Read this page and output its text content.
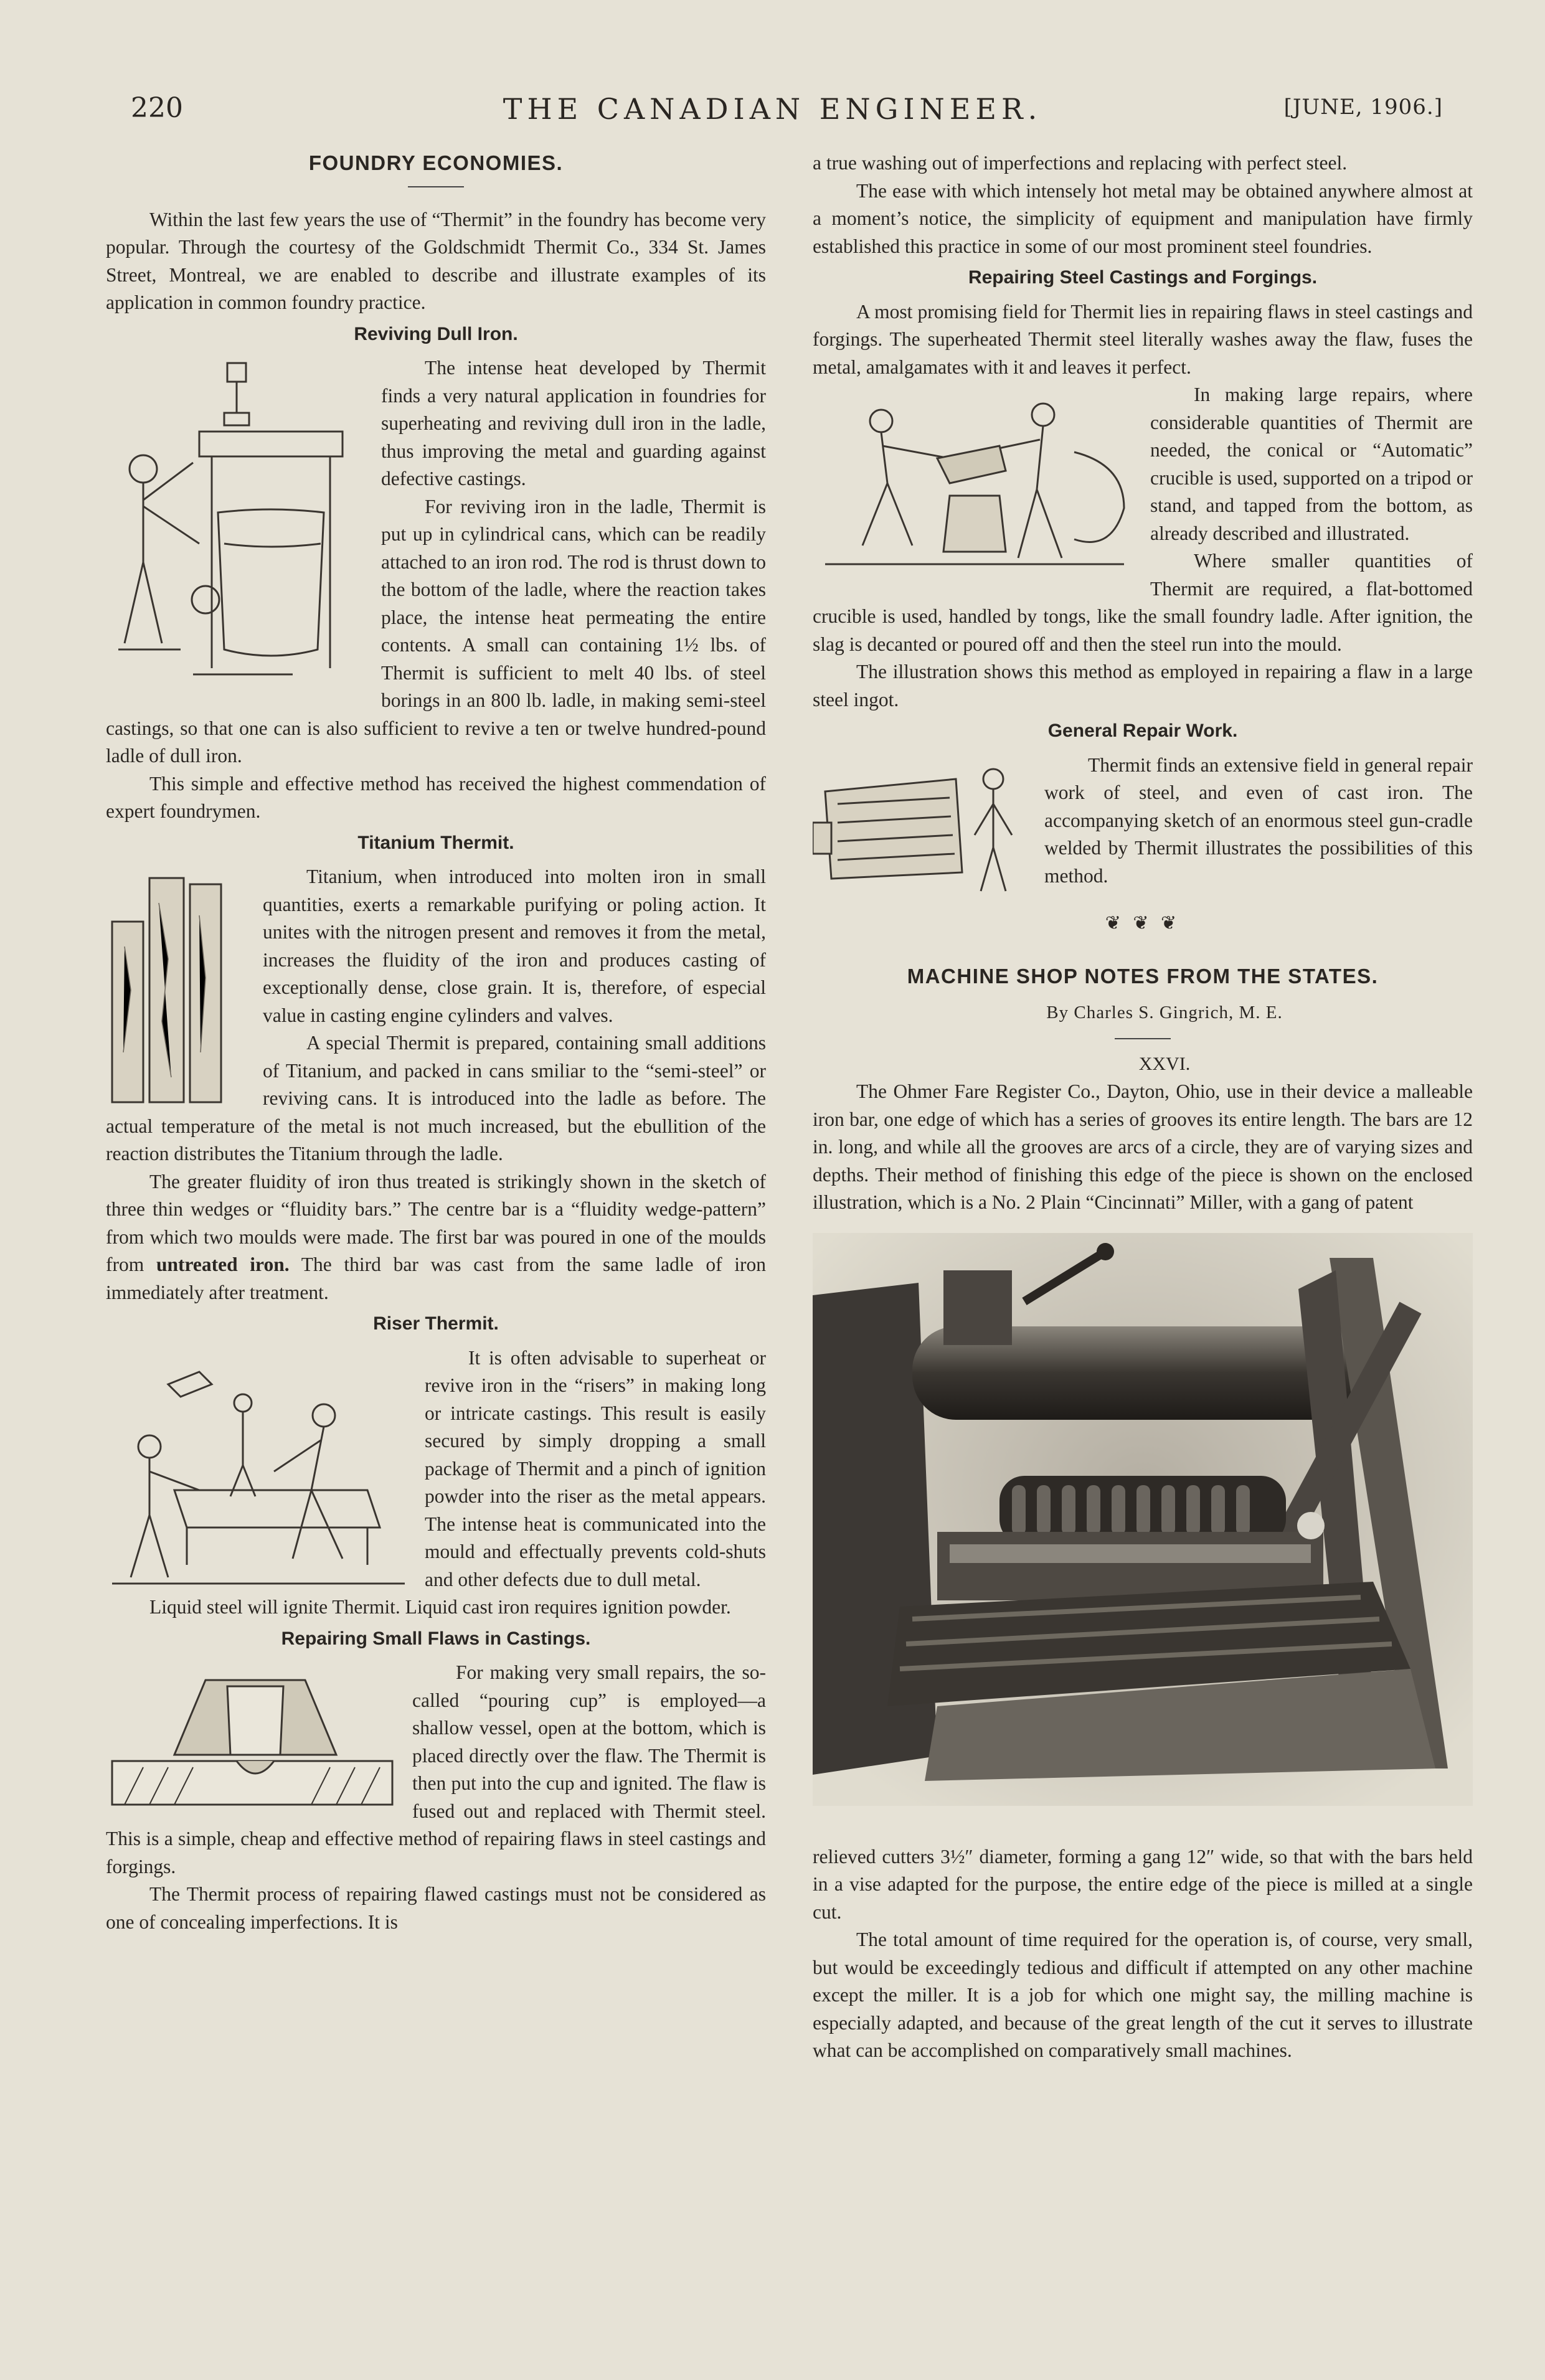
220	THE CANADIAN ENGINEER.	[JUNE, 1906.]
FOUNDRY ECONOMIES.

Within the last few years the use of “Thermit” in the foundry has become very popular. Through the courtesy of the Goldschmidt Thermit Co., 334 St. James Street, Montreal, we are enabled to describe and illustrate examples of its application in common foundry practice.

Reviving Dull Iron.

The intense heat developed by Thermit finds a very natural application in foundries for superheating and reviving dull iron in the ladle, thus improving the metal and guarding against defective castings.

For reviving iron in the ladle, Thermit is put up in cylindrical cans, which can be readily attached to an iron rod. The rod is thrust down to the bottom of the ladle, where the reaction takes place, the intense heat permeating the entire contents. A small can containing 1½ lbs. of Thermit is sufficient to melt 40 lbs. of steel borings in an 800 lb. ladle, in making semi-steel castings, so that one can is also sufficient to revive a ten or twelve hundred-pound ladle of dull iron.

This simple and effective method has received the highest commendation of expert foundrymen.

Titanium Thermit.

Titanium, when introduced into molten iron in small quantities, exerts a remarkable purifying or poling action. It unites with the nitrogen present and removes it from the metal, increases the fluidity of the iron and produces casting of exceptionally dense, close grain. It is, therefore, of especial value in casting engine cylinders and valves.

A special Thermit is prepared, containing small additions of Titanium, and packed in cans smiliar to the “semi-steel” or reviving cans. It is introduced into the ladle as before. The actual temperature of the metal is not much increased, but the ebullition of the reaction distributes the Titanium through the ladle.

The greater fluidity of iron thus treated is strikingly shown in the sketch of three thin wedges or “fluidity bars.” The centre bar is a “fluidity wedge-pattern” from which two moulds were made. The first bar was poured in one of the moulds from untreated iron. The third bar was cast from the same ladle of iron immediately after treatment.

Riser Thermit.

It is often advisable to superheat or revive iron in the “risers” in making long or intricate castings. This result is easily secured by simply dropping a small package of Thermit and a pinch of ignition powder into the riser as the metal appears. The intense heat is communicated into the mould and effectually prevents cold-shuts and other defects due to dull metal.

Liquid steel will ignite Thermit. Liquid cast iron requires ignition powder.

Repairing Small Flaws in Castings.

For making very small repairs, the so-called “pouring cup” is employed—a shallow vessel, open at the bottom, which is placed directly over the flaw. The Thermit is then put into the cup and ignited. The flaw is fused out and replaced with Thermit steel. This is a simple, cheap and effective method of repairing flaws in steel castings and forgings.

The Thermit process of repairing flawed castings must not be considered as one of concealing imperfections. It is

a true washing out of imperfections and replacing with perfect steel.

The ease with which intensely hot metal may be obtained anywhere almost at a moment’s notice, the simplicity of equipment and manipulation have firmly established this practice in some of our most prominent steel foundries.

Repairing Steel Castings and Forgings.

A most promising field for Thermit lies in repairing flaws in steel castings and forgings. The superheated Thermit steel literally washes away the flaw, fuses the metal, amalgamates with it and leaves it perfect.

In making large repairs, where considerable quantities of Thermit are needed, the conical or “Automatic” crucible is used, supported on a tripod or stand, and tapped from the bottom, as already described and illustrated.

Where smaller quantities of Thermit are required, a flat-bottomed crucible is used, handled by tongs, like the small foundry ladle. After ignition, the slag is decanted or poured off and then the steel run into the mould.

The illustration shows this method as employed in repairing a flaw in a large steel ingot.

General Repair Work.

Thermit finds an extensive field in general repair work of steel, and even of cast iron. The accompanying sketch of an enormous steel gun-cradle welded by Thermit illustrates the possibilities of this method.

❦ ❦ ❦
MACHINE SHOP NOTES FROM THE STATES.

By Charles S. Gingrich, M. E.

XXVI.

The Ohmer Fare Register Co., Dayton, Ohio, use in their device a malleable iron bar, one edge of which has a series of grooves its entire length. The bars are 12 in. long, and while all the grooves are arcs of a circle, they are of varying sizes and depths. Their method of finishing this edge of the piece is shown on the enclosed illustration, which is a No. 2 Plain “Cincinnati” Miller, with a gang of patent

relieved cutters 3½″ diameter, forming a gang 12″ wide, so that with the bars held in a vise adapted for the purpose, the entire edge of the piece is milled at a single cut.

The total amount of time required for the operation is, of course, very small, but would be exceedingly tedious and difficult if attempted on any other machine except the miller. It is a job for which one might say, the milling machine is especially adapted, and because of the great length of the cut it serves to illustrate what can be accomplished on comparatively small machines.
